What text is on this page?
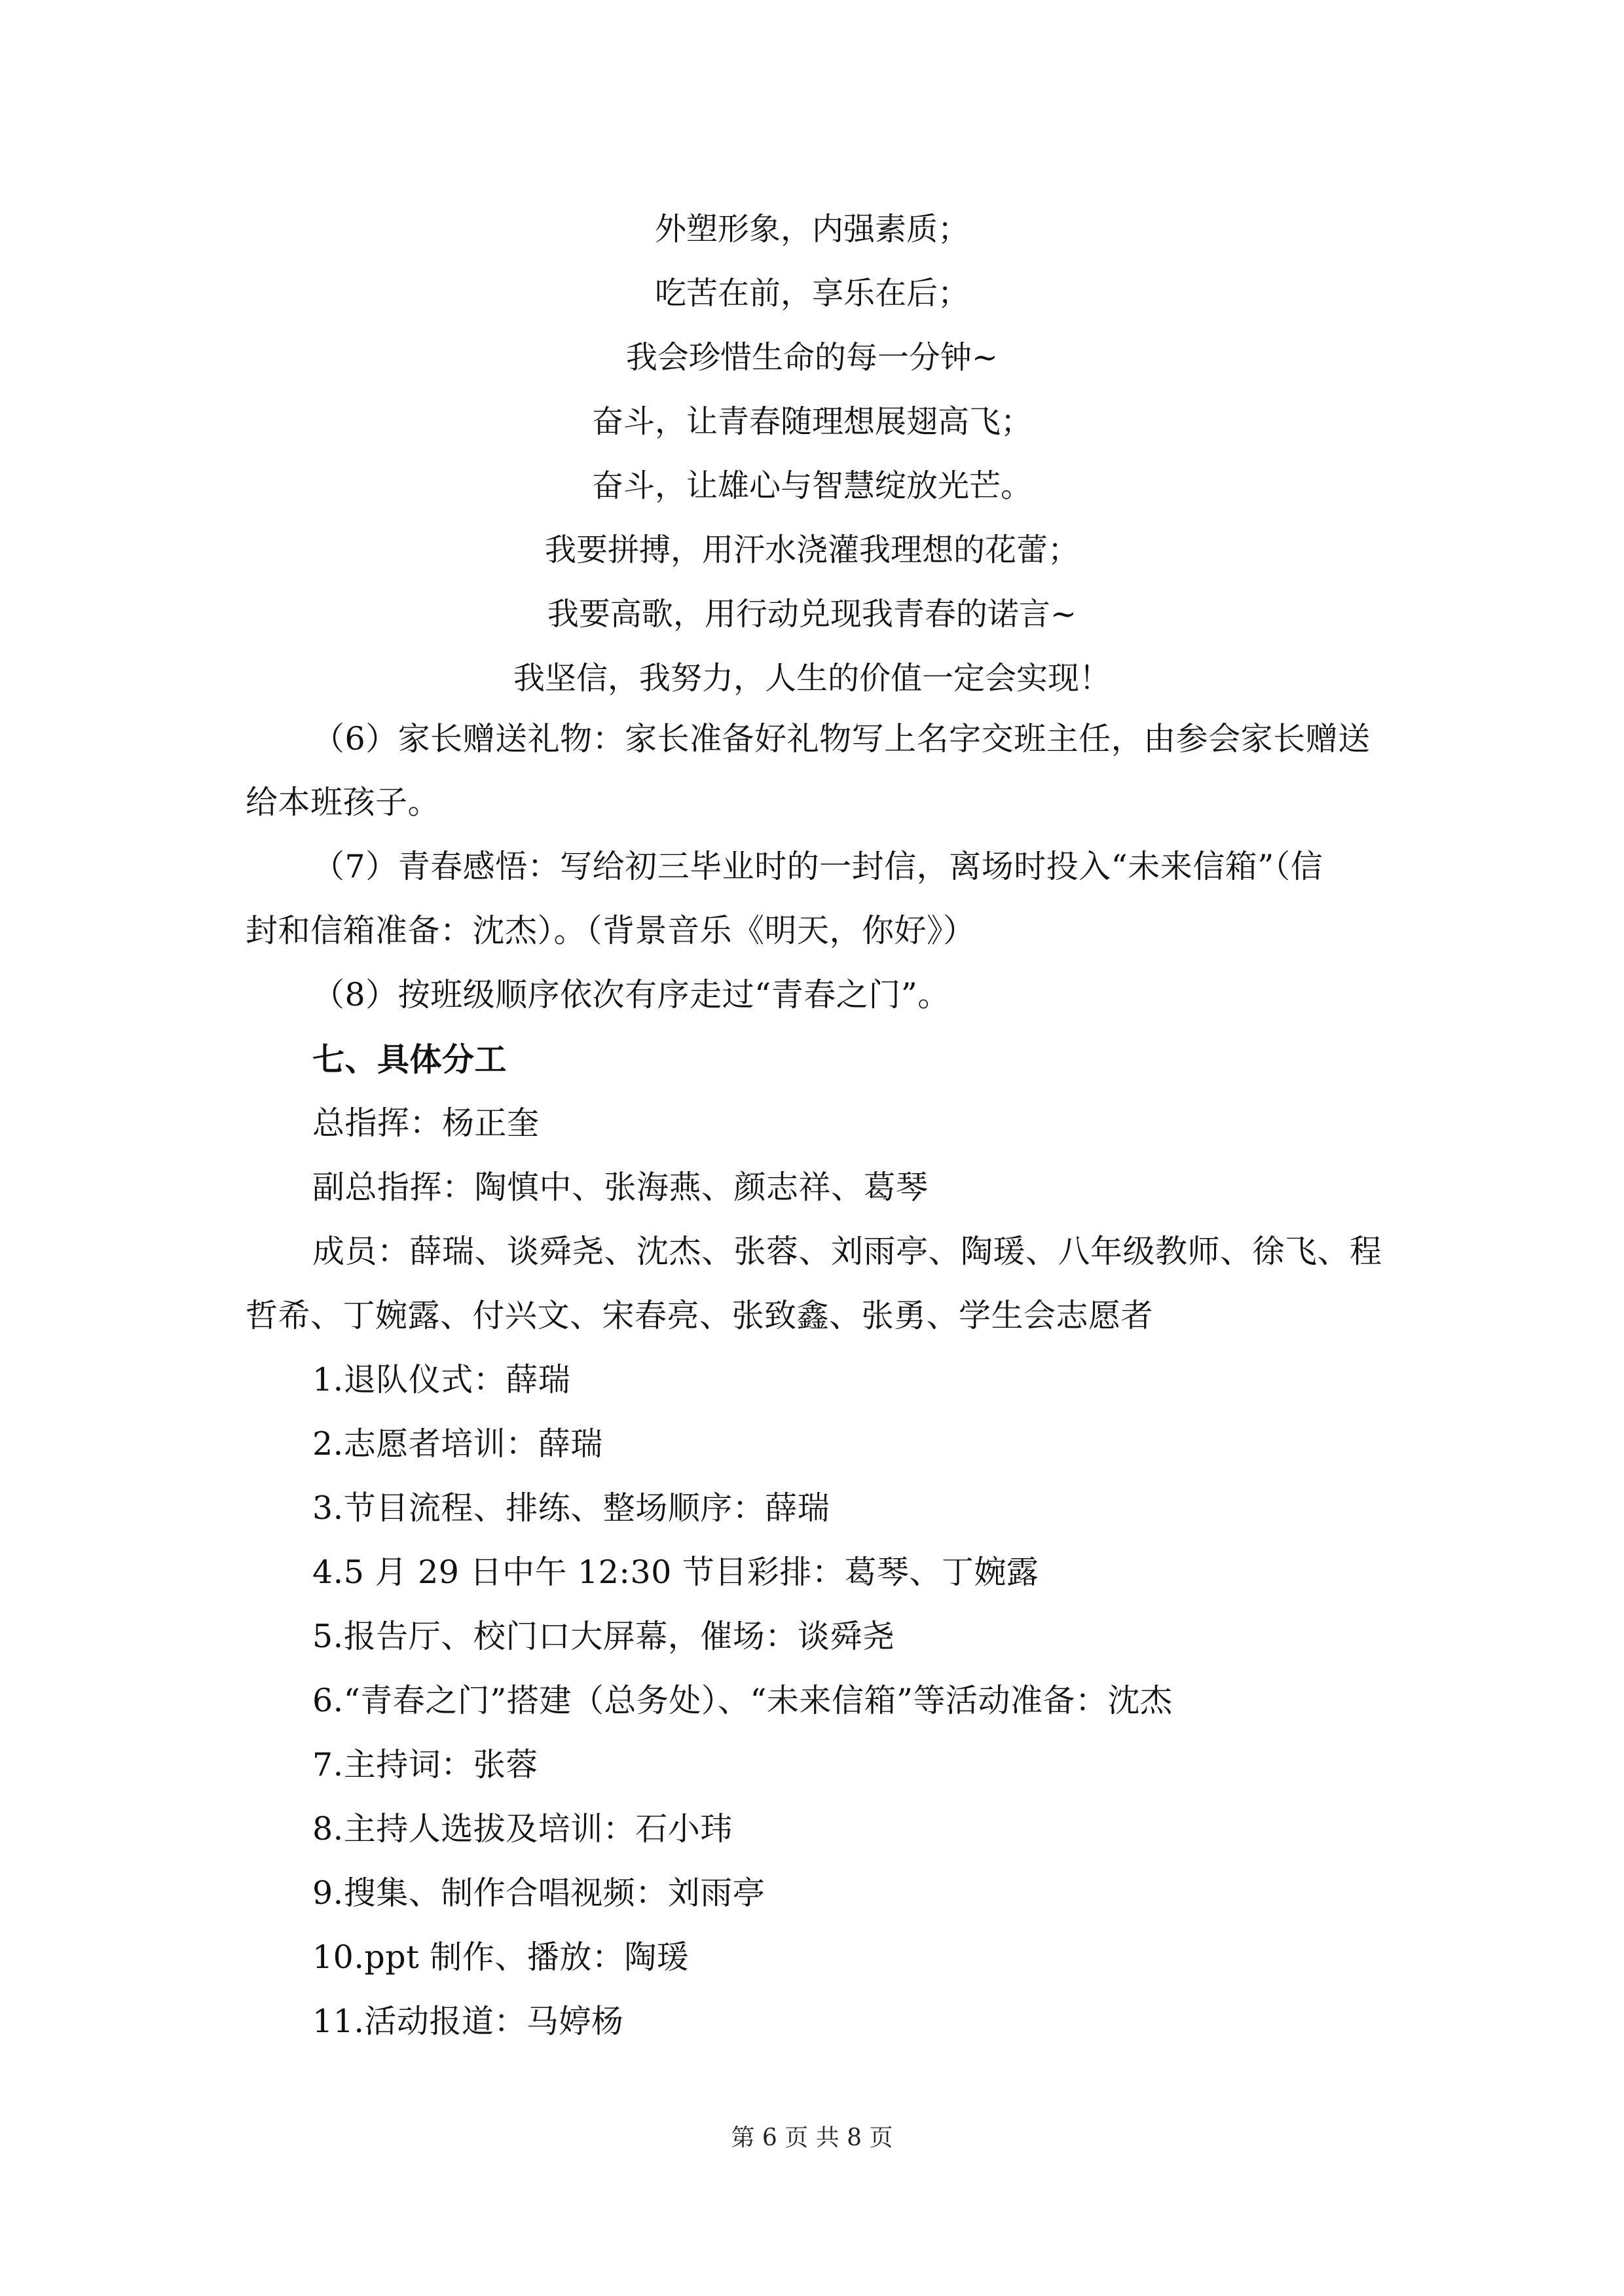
外塑形象，内强素质；
吃苦在前，享乐在后；
我会珍惜生命的每一分钟~
奋斗，让青春随理想展翅高飞；
奋斗，让雄心与智慧绽放光芒。
我要拼搏，用汗水浇灌我理想的花蕾；
我要高歌，用行动兑现我青春的诺言~
我坚信，我努力，人生的价值一定会实现！
（6）家长赠送礼物：家长准备好礼物写上名字交班主任，由参会家长赠送
给本班孩子。
（7）青春感悟：写给初三毕业时的一封信，离场时投入“未来信箱”（信
封和信箱准备：沈杰）。（背景音乐《明天，你好》）
（8）按班级顺序依次有序走过“青春之门”。
七、具体分工
总指挥：杨正奎
副总指挥：陶慎中、张海燕、颜志祥、葛琴
成员：薛瑞、谈舜尧、沈杰、张蓉、刘雨亭、陶瑗、八年级教师、徐飞、程
哲希、丁婉露、付兴文、宋春亮、张致鑫、张勇、学生会志愿者
1.退队仪式：薛瑞
2.志愿者培训：薛瑞
3.节目流程、排练、整场顺序：薛瑞
4.5 月 29 日中午 12:30 节目彩排：葛琴、丁婉露
5.报告厅、校门口大屏幕，催场：谈舜尧
6.“青春之门”搭建（总务处）、“未来信箱”等活动准备：沈杰
7.主持词：张蓉
8.主持人选拔及培训：石小玮
9.搜集、制作合唱视频：刘雨亭
10.ppt 制作、播放：陶瑗
11.活动报道：马婷杨
第 6 页 共 8 页
